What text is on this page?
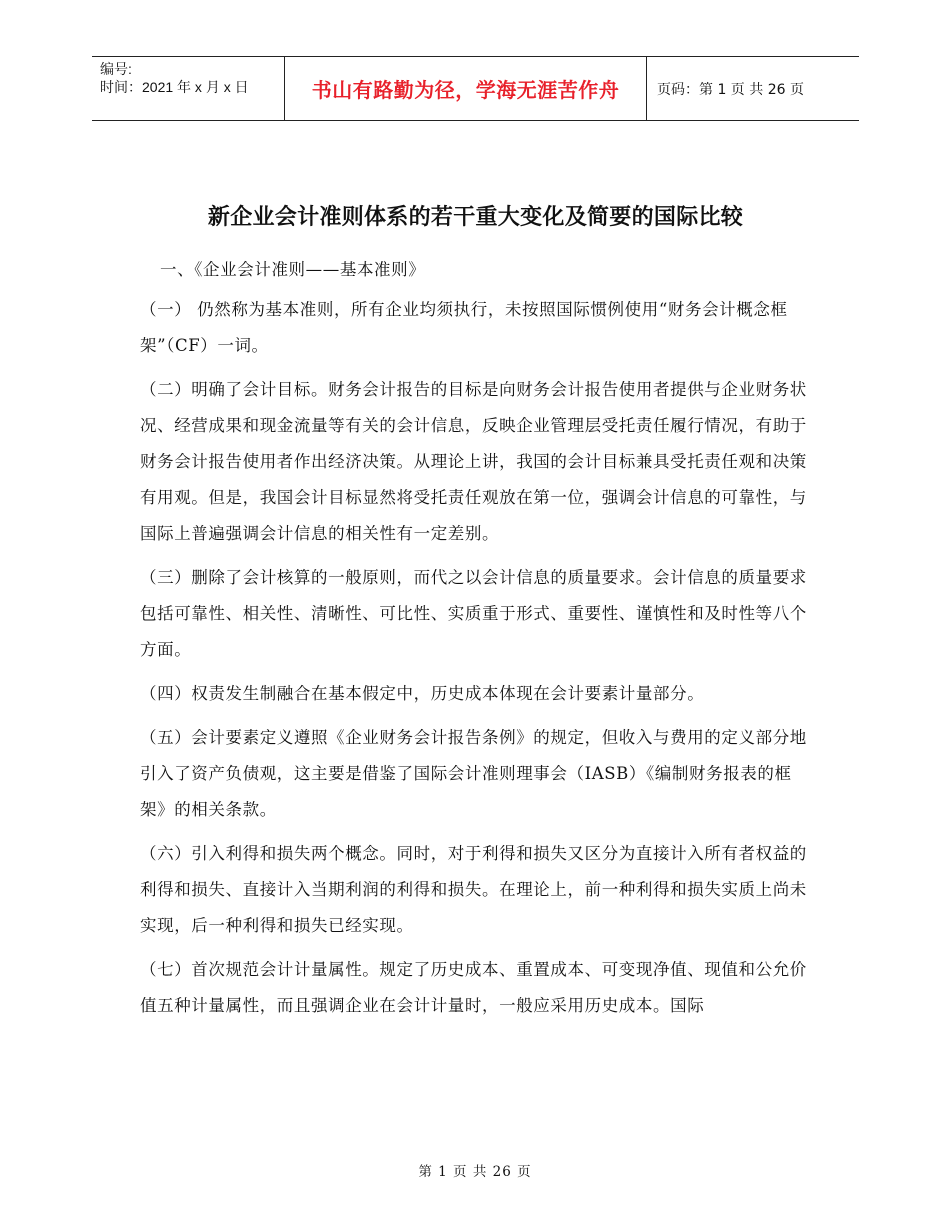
编号:
时间：2021 年 x 月 x 日	书山有路勤为径，学海无涯苦作舟	页码：第 1 页 共 26 页
新企业会计准则体系的若干重大变化及简要的国际比较

一、《企业会计准则——基本准则》

（一） 仍然称为基本准则，所有企业均须执行，未按照国际惯例使用“财务会计概念框架”（CF）一词。

（二）明确了会计目标。财务会计报告的目标是向财务会计报告使用者提供与企业财务状况、经营成果和现金流量等有关的会计信息，反映企业管理层受托责任履行情况，有助于财务会计报告使用者作出经济决策。从理论上讲，我国的会计目标兼具受托责任观和决策有用观。但是，我国会计目标显然将受托责任观放在第一位，强调会计信息的可靠性，与国际上普遍强调会计信息的相关性有一定差别。

（三）删除了会计核算的一般原则，而代之以会计信息的质量要求。会计信息的质量要求包括可靠性、相关性、清晰性、可比性、实质重于形式、重要性、谨慎性和及时性等八个方面。

（四）权责发生制融合在基本假定中，历史成本体现在会计要素计量部分。

（五）会计要素定义遵照《企业财务会计报告条例》的规定，但收入与费用的定义部分地引入了资产负债观，这主要是借鉴了国际会计准则理事会（IASB）《编制财务报表的框架》的相关条款。

（六）引入利得和损失两个概念。同时，对于利得和损失又区分为直接计入所有者权益的利得和损失、直接计入当期利润的利得和损失。在理论上，前一种利得和损失实质上尚未实现，后一种利得和损失已经实现。

（七）首次规范会计计量属性。规定了历史成本、重置成本、可变现净值、现值和公允价值五种计量属性，而且强调企业在会计计量时，一般应采用历史成本。国际

第 1 页 共 26 页
